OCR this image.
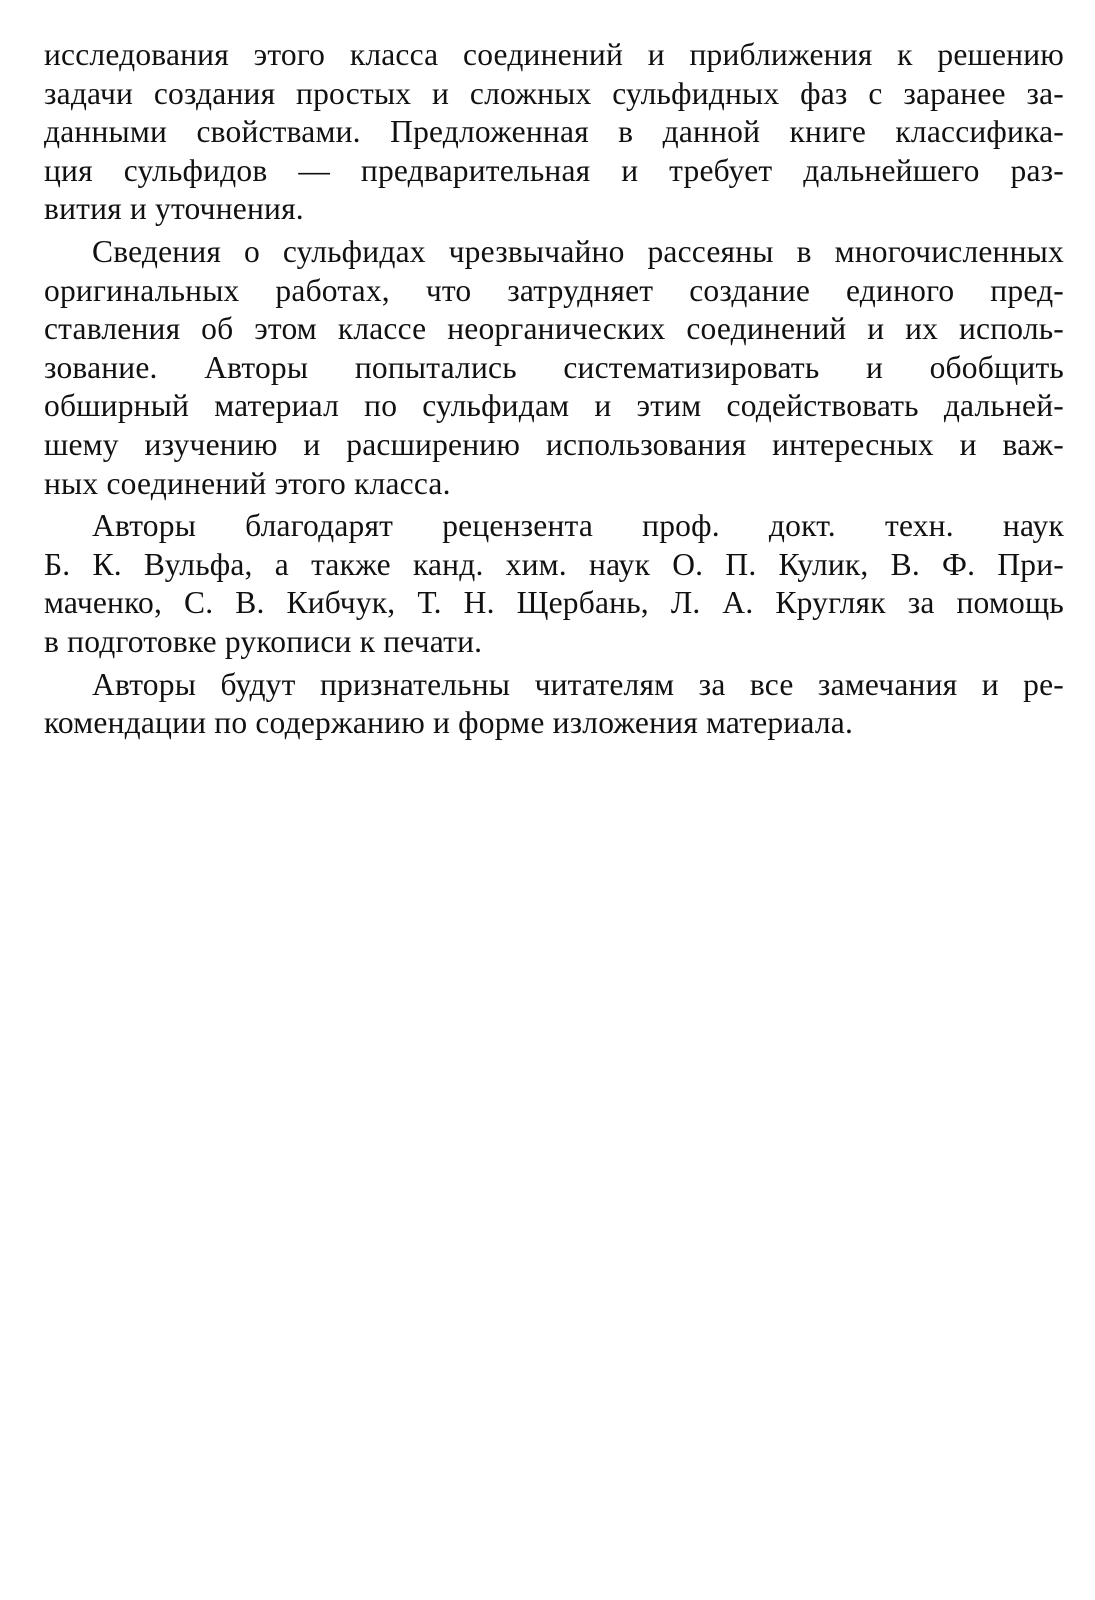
исследования этого класса соединений и приближения к решению
задачи создания простых и сложных сульфидных фаз с заранее за-
данными свойствами. Предложенная в данной книге классифика-
ция сульфидов — предварительная и требует дальнейшего раз-
вития и уточнения.
Сведения о сульфидах чрезвычайно рассеяны в многочисленных
оригинальных работах, что затрудняет создание единого пред-
ставления об этом классе неорганических соединений и их исполь-
зование. Авторы попытались систематизировать и обобщить
обширный материал по сульфидам и этим содействовать дальней-
шему изучению и расширению использования интересных и важ-
ных соединений этого класса.
Авторы благодарят рецензента проф. докт. техн. наук
Б. К. Вульфа, а также канд. хим. наук О. П. Кулик, В. Ф. При-
маченко, С. В. Кибчук, Т. Н. Щербань, Л. А. Кругляк за помощь
в подготовке рукописи к печати.
Авторы будут признательны читателям за все замечания и ре-
комендации по содержанию и форме изложения материала.
